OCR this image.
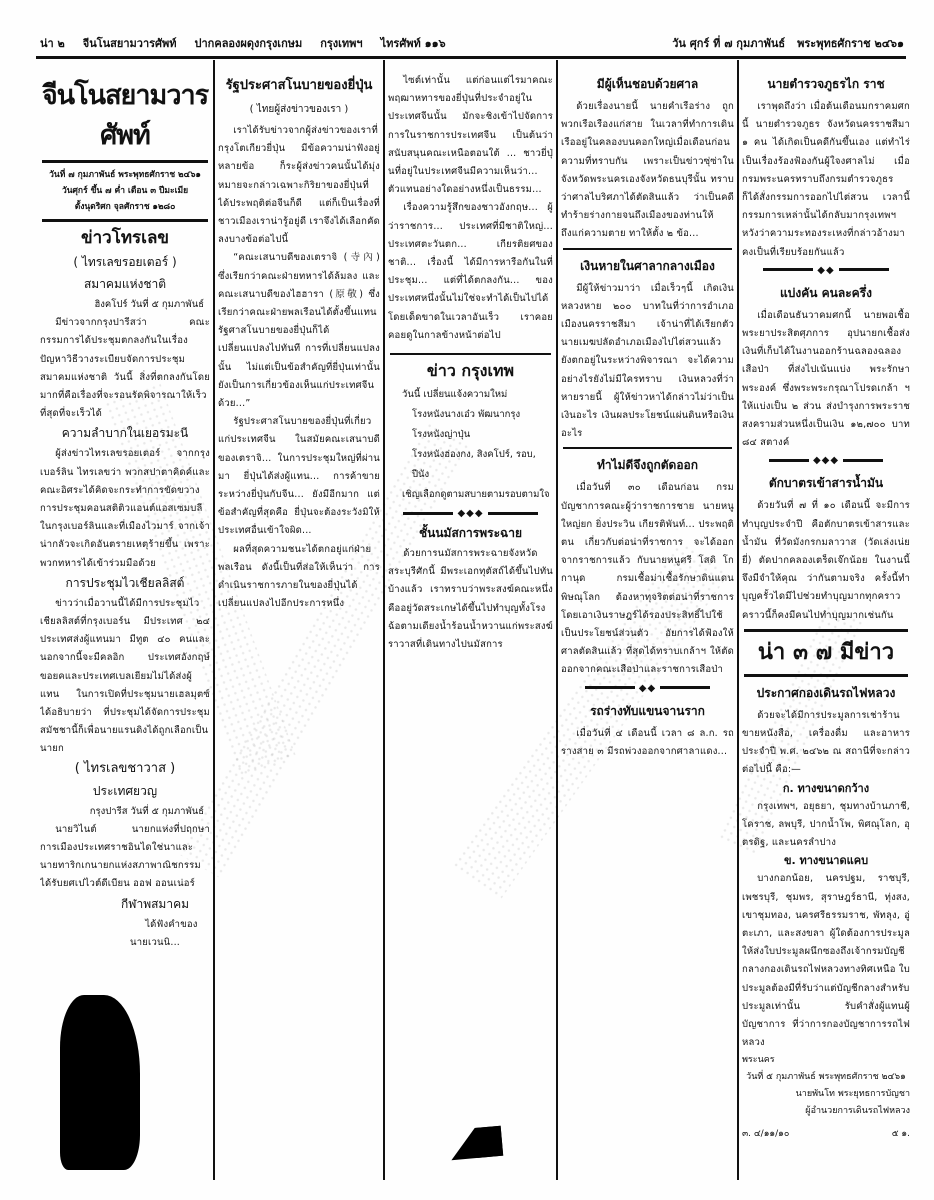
น่า ๒ จีนโนสยามวารศัพท์ ปากคลองผดุงกรุงเกษม กรุงเทพฯ ไทรศัพท์ ๑๑๖	วัน ศุกร์ ที่ ๗ กุมภาพันธ์ พระพุทธศักราช ๒๔๖๑
จีนโนสยามวารศัพท์
วันที่ ๗ กุมภาพันธ์ พระพุทธศักราช ๒๔๖๑
วันศุกร์ ขึ้น ๗ ค่ำ เดือน ๓ ปีมะเมีย
ตั้งนุตริศก จุลศักราช ๑๒๘๐
ข่าวโทรเลข
( ไทรเลขรอยเตอร์ )
สมาคมแห่งชาติ
ฮิงคโปร์ วันที่ ๕ กุมภาพันธ์

มีข่าวจากกรุงปารีสว่า คณะกรรมการได้ประชุมตกลงกันในเรื่องปัญหาวิธีวางระเบียบจัดการประชุมสมาคมแห่งชาติ วันนี้ สิ่งที่ตกลงกันโดยมากที่คือเรื่องที่จะรอนรัดพิจารณาให้เร็วที่สุดที่จะเร็วได้

ความลำบากในเยอรมะนี

ผู้ส่งข่าวไทรเลขรอยเตอร์ จากกรุงเบอร์ลิน ไทรเลขว่า พวกสปาตาคิดค์และคณะอิศระได้คิดจะกระทำการขัดขวางการประชุมคอนสติติวแอนต์แอสเซมบลี ในกรุงเบอร์ลินและที่เมืองไวมาร์ จากเจ้าน่ากลัวจะเกิดอันตรายเหตุร้ายขึ้น เพราะพวกทหารได้เข้าร่วมมือด้วย

การประชุมไวเชียลลิสต์

ข่าวว่าเมื่อวานนี้ได้มีการประชุมไวเชียลลิสต์ที่กรุงเบอร์น มีประเทศ ๒๔ ประเทศส่งผู้แทนมา มีทูต ๔๐ คนและนอกจากนี้จะมีคลอิก ประเทศอังกฤษ์ขอยคและประเทศเบลเยียมไม่ได้ส่งผู้แทน ในการเปิดที่ประชุมนายเฮลมุตซ์ ได้อธิบายว่า ที่ประชุมได้จัดการประชุมสมัชชานี้ก็เพื่อนายแรนดิงได้ถูกเลือกเป็นนายก

( ไทรเลขชาวาส )
ประเทศยวญ
กรุงปารีส วันที่ ๕ กุมภาพันธ์

นายวิไนต์ นายกแห่งที่ปฤกษาการเมืองประเทศราชอินไดใช่นาและนายทาริกเกนายกแห่งสภาพาณิชกรรมได้รับยศเปไวต์ดีเบียน ออฟ ออนเน่อร์

กีฬาพสมาคม

ได้ฟังคำของนายเวนนิ...

รัฐประศาสโนบายของยี่ปุ่น
( ไทยผู้ส่งข่าวของเรา )

เราได้รับข่าวจากผู้ส่งข่าวของเราที่กรุงโตเกียวยี่ปุ่น มีข้อความน่าฟังอยู่หลายข้อ ก็ระผู้ส่งข่าวคนนั้นได้มุ่งหมายจะกล่าวเฉพาะกิริยาของยี่ปุ่นที่ได้ประพฤติต่อจีนก็ดี แต่ก็เป็นเรื่องที่ชาวเมืองเราน่ารู้อยู่ดี เราจึงได้เลือกคัดลงบางข้อต่อไปนี้

“คณะเสนาบดีของเตราจิ (寺內) ซึ่งเรียกว่าคณะฝ่ายทหารได้ล้มลง และคณะเสนาบดีของไฮฮารา (原敬) ซึ่งเรียกว่าคณะฝ่ายพลเรือนได้ตั้งขึ้นแทน รัฐศาสโนบายของยี่ปุ่นก็ได้เปลี่ยนแปลงไปทันที การที่เปลี่ยนแปลงนั้น ไม่แต่เป็นข้อสำคัญที่ยี่ปุ่นเท่านั้น ยังเป็นการเกี่ยวข้องเห็นแก่ประเทศจีนด้วย...”

รัฐประศาสโนบายของยี่ปุ่นที่เกี่ยวแก่ประเทศจีน ในสมัยคณะเสนาบดีของเตราจิ... ในการประชุมใหญ่ที่ผ่านมา ยี่ปุ่นได้ส่งผู้แทน... การค้าขายระหว่างยี่ปุ่นกับจีน... ยังมีอีกมาก แต่ข้อสำคัญที่สุดคือ ยี่ปุ่นจะต้องระวังมิให้ประเทศอื่นเข้าใจผิด...

ผลที่สุดความชนะได้ตกอยู่แก่ฝ่ายพลเรือน ดังนี้เป็นที่ส่อให้เห็นว่า การดำเนินราชการภายในของยี่ปุ่นได้เปลี่ยนแปลงไปอีกประการหนึ่ง

ไซต์เท่านั้น แต่ก่อนแต่ไรมาคณะพฤฒาหทารของยี่ปุ่นที่ประจำอยู่ในประเทศจีนนั้น มักจะชิงเข้าไปจัดการการในราชการประเทศจีน เป็นต้นว่าสนับสนุนคณะเหนือตอนใต้ ... ชาวยี่ปุ่นที่อยู่ในประเทศจีนมีความเห็นว่า... ตัวแทนอย่างใดอย่างหนึ่งเป็นธรรม...

เรื่องความรู้สึกของชาวอังกฤษ... ผู้ว่าราชการ... ประเทศที่มีชาติใหญ่... ประเทศตะวันตก... เกียรติยศของชาติ... เรื่องนี้ ได้มีการหารือกันในที่ประชุม... แต่ที่ได้ตกลงกัน... ของประเทศหนึ่งนั้นไม่ใช่จะทำได้เป็นไปได้โดยเด็ดขาดในเวลาอันเร็ว เราคอยคอยดูในกาลข้างหน้าต่อไป

ข่าว กรุงเทพ
วันนี้ เปลี่ยนแจ้งความใหม่
โรงหนังนางเอ๋ว พัฒนากรุง
โรงหนังญ่าปุ่น
โรงหนังฮ่องกง, สิงคโปร์, รอบ, ปีนัง
เชิญเลือกดูตามสบายตามรอบตามใจ
◆◆◆
ชั้นนมัสการพระฉาย

ด้วยการนมัสการพระฉายจังหวัดสระบุรีศักนี้ มีพระเอกทุตัสถ์ได้ขึ้นไปทันบ้างแล้ว เราทราบว่าพระสงฆ์คณะหนึ่งคืออยู่วัดสระเกษได้ขึ้นไปทำบุญทั้งโรงฉ้อตามเดียงน้ำร้อนน้ำหวานแก่พระสงฆ์ราวาสที่เดินทางไปนมัสการ

มีผู้เห็นชอบด้วยศาล

ด้วยเรื่องนายนี้ นายคำเรือร่าง ถูกพวกเรือเรืองแก่สาย ในเวลาที่ทำการเดินเรืออยู่ในคลองบนคอกใหญ่เมื่อเดือนก่อน ความที่ทราบกัน เพราะเป็นข่าวซุ่ซ่าในจังหวัดพระนครเองจังหวัดธนบุรีนั้น ทราบว่าศาลไบริศภาได้ตัดสินแล้ว ว่าเป็นคดีทำร้ายร่างกายจนถึงเมืองของท่านให้ถึงแก่ความตาย ทาให้ตั้ง ๒ ข้อ...

เงินหายในศาลากลางเมือง

มีผู้ให้ข่าวมาว่า เมื่อเร็วๆนี้ เกิดเงินหลวงหาย ๒๐๐ บาทในที่ว่าการอำเภอเมืองนครราชสีมา เจ้าน่าที่ได้เรียกตัวนายเมฆปลัดอำเภอเมืองไปไต่สวนแล้ว ยังตกอยู่ในระหว่างพิจารณา จะได้ความอย่างไรยังไม่มีใครทราบ เงินหลวงที่ว่าหายรายนี้ ผู้ให้ข่าวหาได้กล่าวไม่ว่าเป็นเงินอะไร เงินผลประโยชน์แผ่นดินหรือเงินอะไร

ทำไม่ดีจึงถูกตัดออก

เมื่อวันที่ ๓๐ เดือนก่อน กรมบัญชาการคณะผู้ว่าราชการชาย นายหนูใหญ่ยก ยิ่งประวิน เกียรติพันท์... ประพฤติตน เกี่ยวกับต่อน่าที่ราชการ จะได้ออกจากราชการแล้ว กับนายหนูศรี โสดิ โกกานุด กรมเชื้อม่าเชื้อรักษาดินแดนพิษณุโลก ต้องหาทุจริตต่อน่าที่ราชการ โดยเอาเงินราษฎร์ได้รองประสิทธิ์ไปใช้เป็นประโยชน์ส่วนตัว อัยการได้ฟ้องให้ศาลตัดสินแล้ว ที่สุดได้ทราบเกล้าฯ ให้ตัดออกจากคณะเสือป่าและราชการเสือป่า

◆◆
รถร่างทับแขนจานราก

เมื่อวันที่ ๔ เดือนนี้ เวลา ๘ ล.ก. รถรางสาย ๓ มีรถพ่วงออกจากศาลาแดง...

นายตำรวจภูธรไก ราช

เราพุดถึงว่า เมื่อต้นเดือนมกราคมศกนี้ นายตำรวจภูธร จังหวัดนครราชสีมา ๑ คน ได้เกิดเป็นคดีกันขึ้นเอง แต่ทำไร่เป็นเรื่องร้องฟ้องกันผู้ใจงศาลไม่ เมื่อกรมพระนครทราบถึงกรมตำรวจภูธร ก็ได้สั่งกรรมการออกไปไต่สวน เวลานี้กรรมการเหล่านั้นได้กลับมากรุงเทพฯ หวังว่าความระทองระเหงที่กล่าวอ้างมาคงเป็นที่เรียบร้อยกันแล้ว

◆◆
แบ่งคัน คนละครึ่ง

เมื่อเดือนธันวาคมศกนี้ นายพอเชื้อ พระยาประสิตศุภการ อุปนายกเชื้อส่งเงินที่เก็บได้ในงานออกร้านฉลองฉลองเสือป่า ที่ส่งไปเน้นแบ่ง พระรักษาพระองค์ ซึ่งพระพระกรุณาโปรดเกล้า ฯ ให้แบ่งเป็น ๒ ส่วน ส่งบำรุงการพระราชสงครามส่วนหนึ่งเป็นเงิน ๑๒,๗๐๐ บาท ๘๔ สตางค์

◆◆◆
ตักบาตรเข้าสารน้ำมัน

ด้วยวันที่ ๗ ที่ ๑๐ เดือนนี้ จะมีการทำบุญประจำปี คือตักบาตรเข้าสารและน้ำมัน ที่วัดมังกรกมลาวาส (วัดเล่งเน่ยยี่) ตัดปากคลองเตร็ดเจ๊กน้อย ในงานนี้จึงมีจำให้คุณ ว่ากันตามจริง ครั้งนี้ทำบุญครั้วไดมีไปช่วยทำบุญมากทุกคราว คราวนี้ก็คงมีคนไปทำบุญมากเช่นกัน

น่า ๓ ๗ มีข่าว
ประกาศกองเดินรถไฟหลวง

ด้วยจะได้มีการประมูลการเช่าร้านขายหนังสือ, เครื่องดื่ม และอาหาร ประจำปี พ.ศ. ๒๔๖๒ ณ สถานีที่จะกล่าวต่อไปนี้ คือ:—

ก. ทางขนาดกว้าง

กรุงเทพฯ, อยุธยา, ชุมทางบ้านภาชี, โคราช, ลพบุรี, ปากน้ำโพ, พิศณุโลก, อุตรดิฐ, และนครลำปาง

ข. ทางขนาดแคบ

บางกอกน้อย, นครปฐม, ราชบุรี, เพชรบุรี, ชุมพร, สุราษฎร์ธานี, ทุ่งสง, เขาชุมทอง, นครศรีธรรมราช, พัทลุง, อู่ตะเภา, และสงขลา ผู้ใดต้องการประมูลให้ส่งใบประมูลผนึกซองถึงเจ้ากรมบัญชีกลางกองเดินรถไฟหลวงทางทิศเหนือ ใบประมูลต้องมีที่รับว่าแต่บัญชีกลางสำหรับประมูลเท่านั้น รับคำสั่งผู้แทนผู้บัญชาการ ที่ว่าการกองบัญชาการรถไฟหลวง

พระนคร
วันที่ ๕ กุมภาพันธ์ พระพุทธศักราช ๒๔๖๑
นายพันโท พระยุทธการบัญชา
ผู้อำนวยการเดินรถไฟหลวง
๓. ๔/๑๑/๑๐	๕ ๑.
